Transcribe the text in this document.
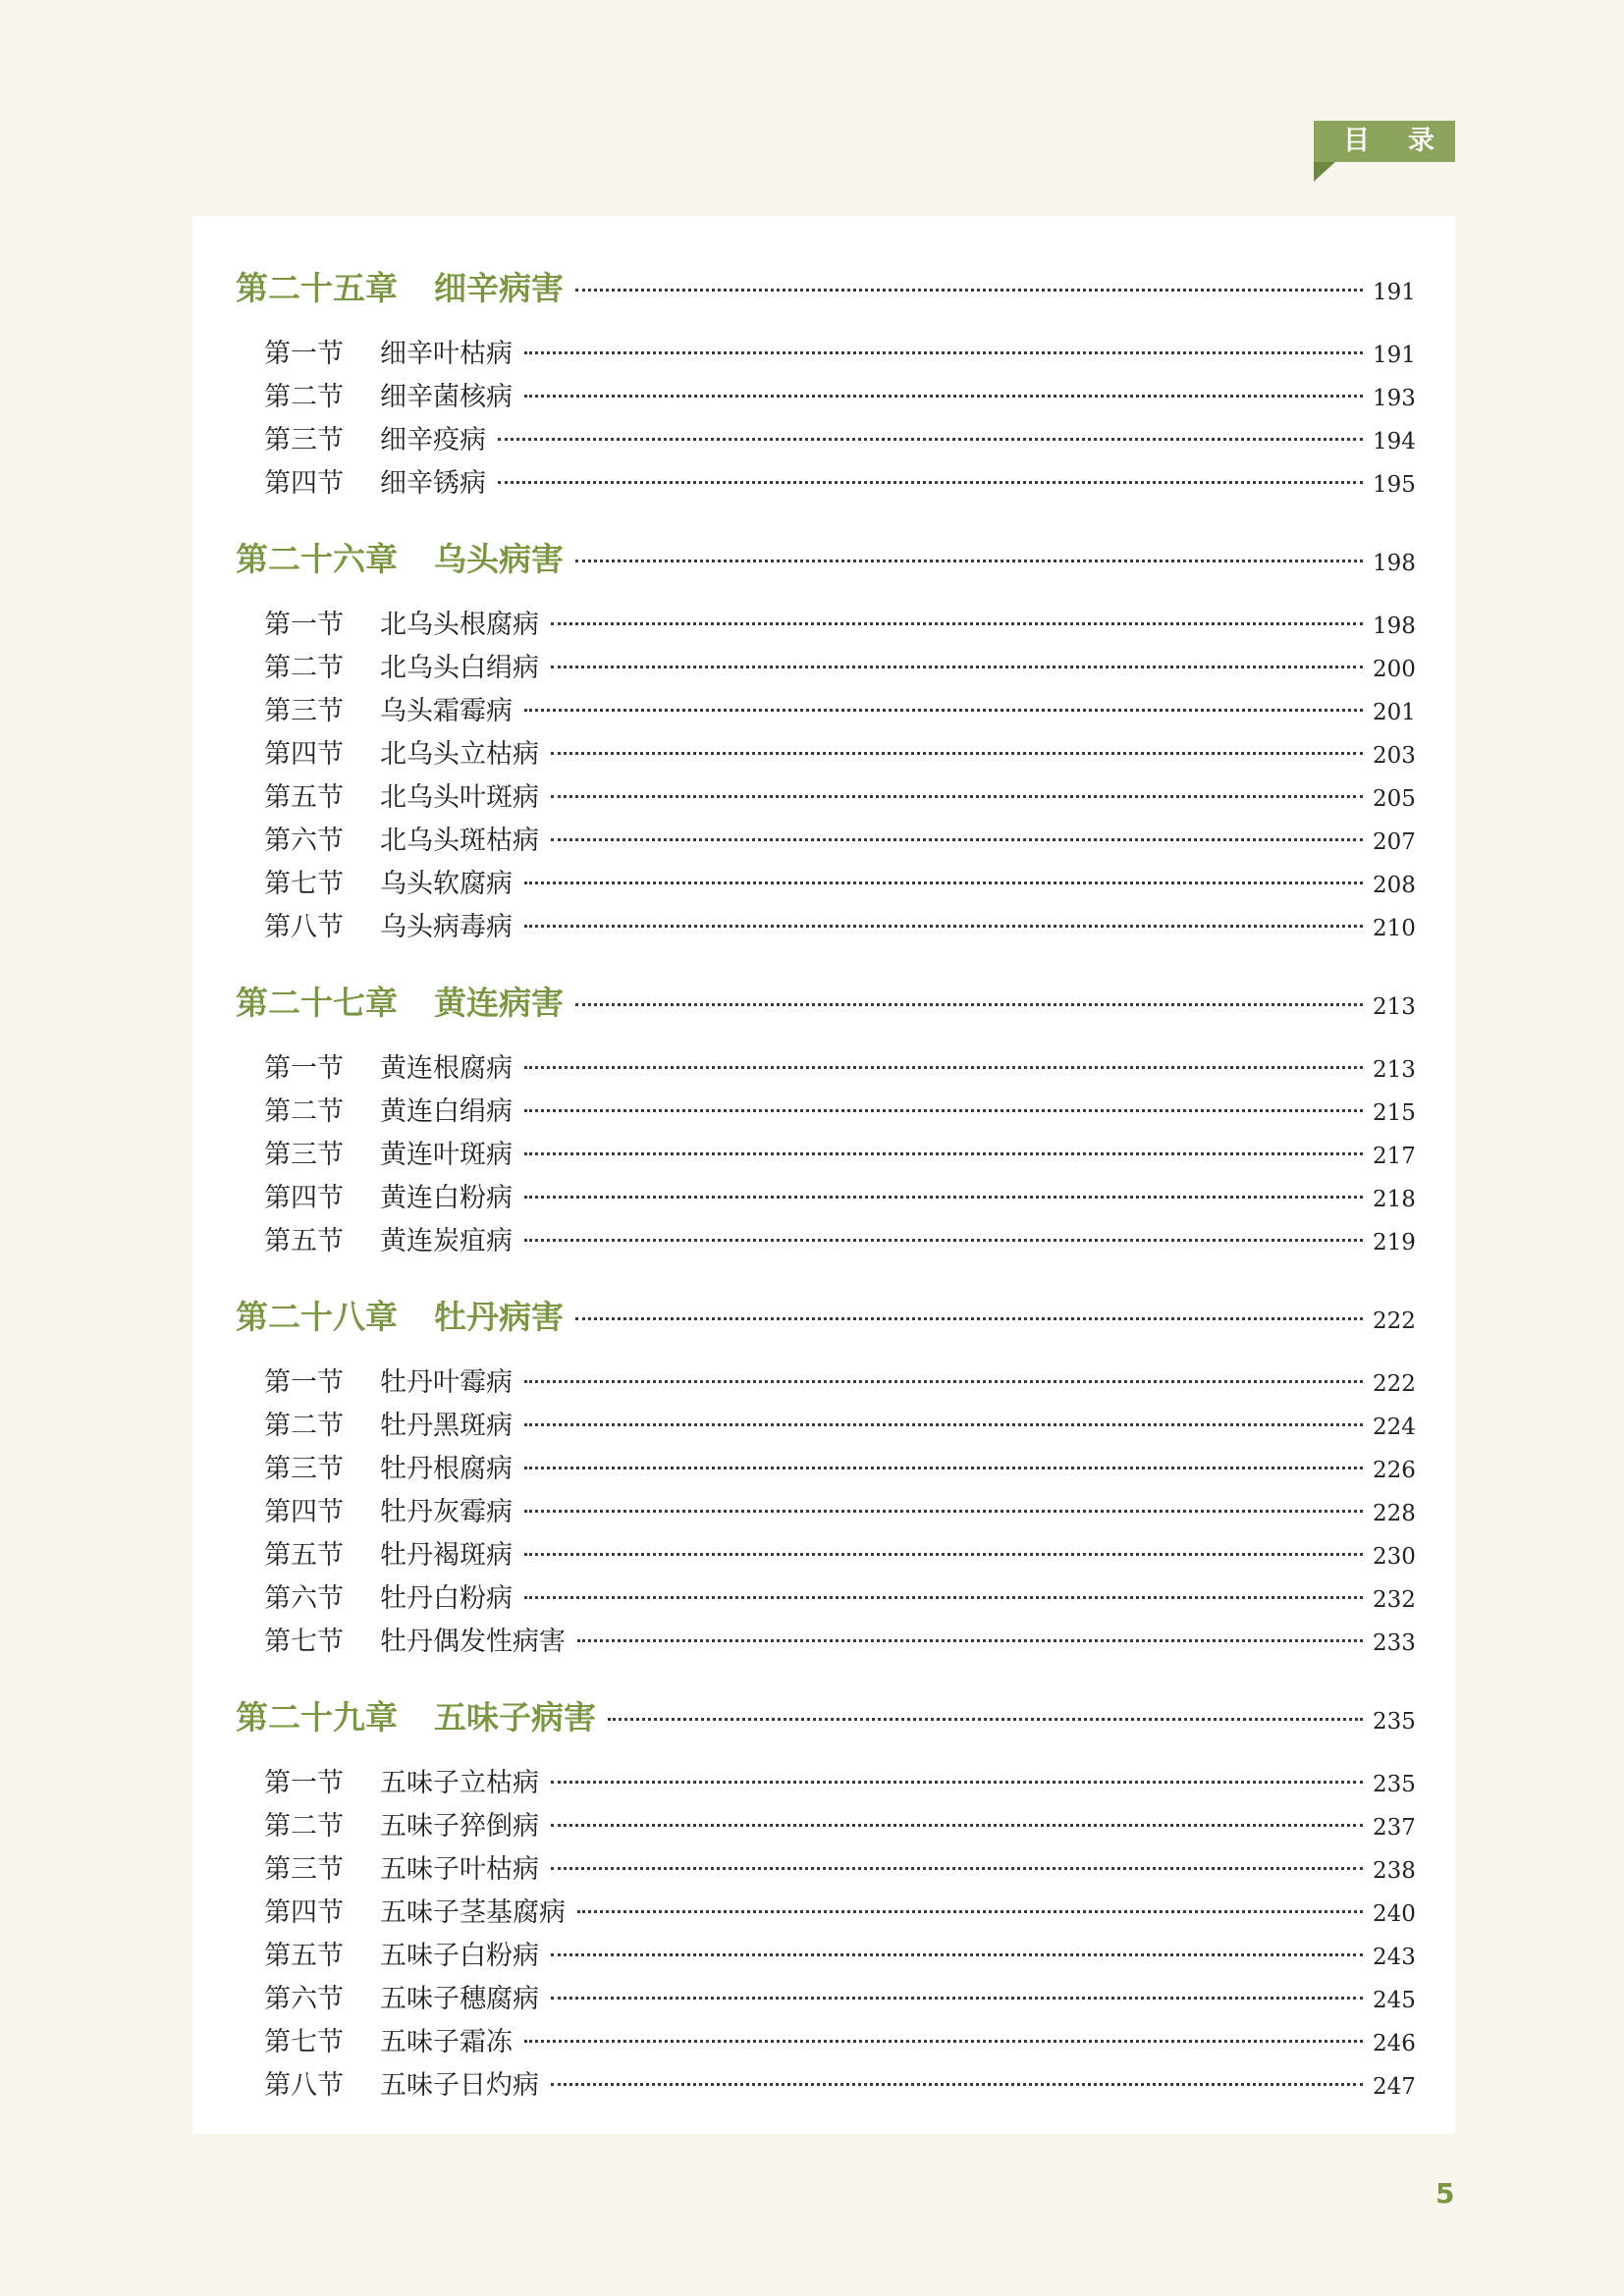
目 录
第二十五章	细辛病害	191
第一节	细辛叶枯病	191
第二节	细辛菌核病	193
第三节	细辛疫病	194
第四节	细辛锈病	195
第二十六章	乌头病害	198
第一节	北乌头根腐病	198
第二节	北乌头白绢病	200
第三节	乌头霜霉病	201
第四节	北乌头立枯病	203
第五节	北乌头叶斑病	205
第六节	北乌头斑枯病	207
第七节	乌头软腐病	208
第八节	乌头病毒病	210
第二十七章	黄连病害	213
第一节	黄连根腐病	213
第二节	黄连白绢病	215
第三节	黄连叶斑病	217
第四节	黄连白粉病	218
第五节	黄连炭疽病	219
第二十八章	牡丹病害	222
第一节	牡丹叶霉病	222
第二节	牡丹黑斑病	224
第三节	牡丹根腐病	226
第四节	牡丹灰霉病	228
第五节	牡丹褐斑病	230
第六节	牡丹白粉病	232
第七节	牡丹偶发性病害	233
第二十九章	五味子病害	235
第一节	五味子立枯病	235
第二节	五味子猝倒病	237
第三节	五味子叶枯病	238
第四节	五味子茎基腐病	240
第五节	五味子白粉病	243
第六节	五味子穗腐病	245
第七节	五味子霜冻	246
第八节	五味子日灼病	247
5
